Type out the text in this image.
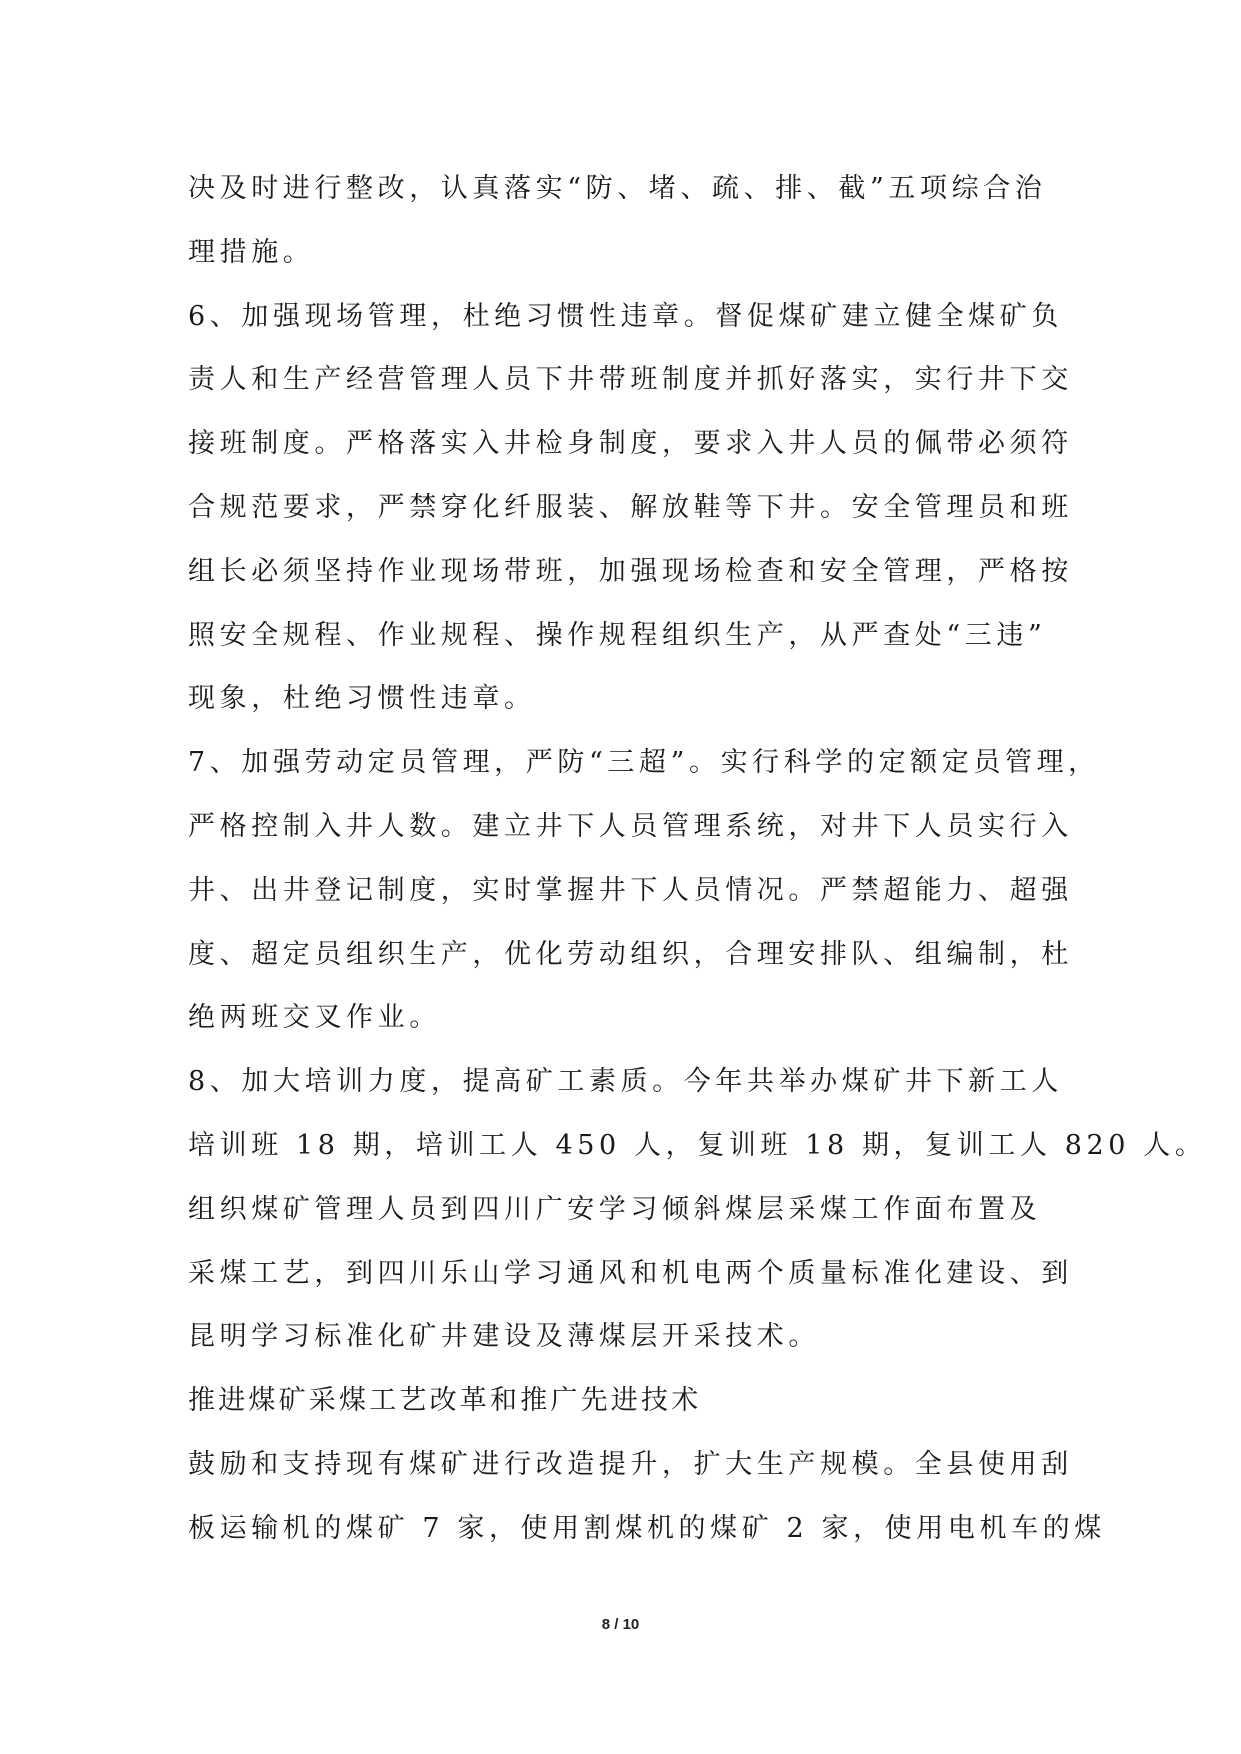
决及时进行整改，认真落实“防、堵、疏、排、截”五项综合治
理措施。
6、加强现场管理，杜绝习惯性违章。督促煤矿建立健全煤矿负
责人和生产经营管理人员下井带班制度并抓好落实，实行井下交
接班制度。严格落实入井检身制度，要求入井人员的佩带必须符
合规范要求，严禁穿化纤服装、解放鞋等下井。安全管理员和班
组长必须坚持作业现场带班，加强现场检查和安全管理，严格按
照安全规程、作业规程、操作规程组织生产，从严查处“三违”
现象，杜绝习惯性违章。
7、加强劳动定员管理，严防“三超”。实行科学的定额定员管理，
严格控制入井人数。建立井下人员管理系统，对井下人员实行入
井、出井登记制度，实时掌握井下人员情况。严禁超能力、超强
度、超定员组织生产，优化劳动组织，合理安排队、组编制，杜
绝两班交叉作业。
8、加大培训力度，提高矿工素质。今年共举办煤矿井下新工人
培训班 18 期，培训工人 450 人，复训班 18 期，复训工人 820 人。
组织煤矿管理人员到四川广安学习倾斜煤层采煤工作面布置及
采煤工艺，到四川乐山学习通风和机电两个质量标准化建设、到
昆明学习标准化矿井建设及薄煤层开采技术。
推进煤矿采煤工艺改革和推广先进技术
鼓励和支持现有煤矿进行改造提升，扩大生产规模。全县使用刮
板运输机的煤矿 7 家，使用割煤机的煤矿 2 家，使用电机车的煤
8 / 10
